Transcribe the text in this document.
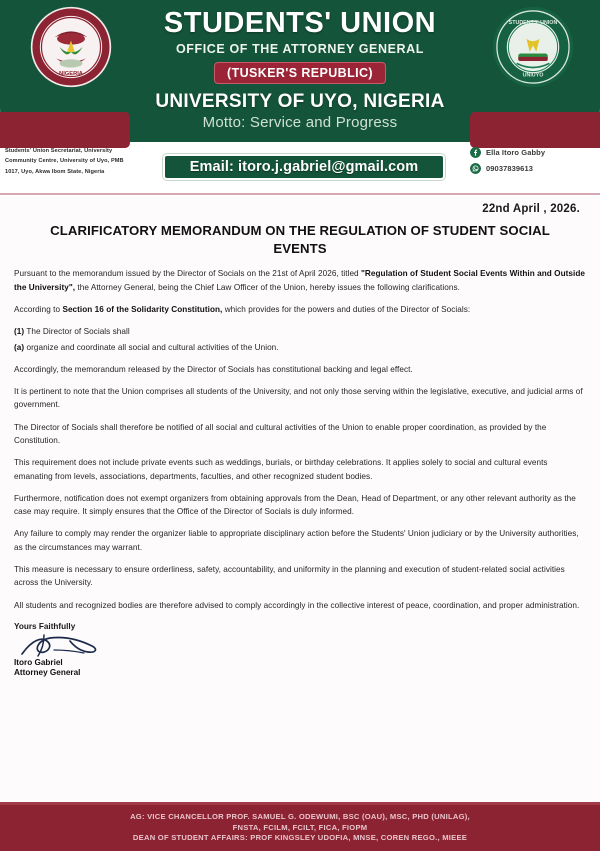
NIGERIA
STUDENTS' UNION
UNIUYO
STUDENTS' UNION
OFFICE OF THE ATTORNEY GENERAL
(TUSKER'S REPUBLIC)
UNIVERSITY OF UYO, NIGERIA
Motto: Service and Progress
Students' Union Secretariat, University Community Centre, University of Uyo, PMB 1017, Uyo, Akwa Ibom State, Nigeria	Email: itoro.j.gabriel@gmail.com
Ella Itoro Gabby
09037839613
22nd April , 2026.
CLARIFICATORY MEMORANDUM ON THE REGULATION OF STUDENT SOCIAL EVENTS

Pursuant to the memorandum issued by the Director of Socials on the 21st of April 2026, titled "Regulation of Student Social Events Within and Outside the University", the Attorney General, being the Chief Law Officer of the Union, hereby issues the following clarifications.

According to Section 16 of the Solidarity Constitution, which provides for the powers and duties of the Director of Socials:

(1) The Director of Socials shall

(a) organize and coordinate all social and cultural activities of the Union.

Accordingly, the memorandum released by the Director of Socials has constitutional backing and legal effect.

It is pertinent to note that the Union comprises all students of the University, and not only those serving within the legislative, executive, and judicial arms of government.

The Director of Socials shall therefore be notified of all social and cultural activities of the Union to enable proper coordination, as provided by the Constitution.

This requirement does not include private events such as weddings, burials, or birthday celebrations. It applies solely to social and cultural events emanating from levels, associations, departments, faculties, and other recognized student bodies.

Furthermore, notification does not exempt organizers from obtaining approvals from the Dean, Head of Department, or any other relevant authority as the case may require. It simply ensures that the Office of the Director of Socials is duly informed.

Any failure to comply may render the organizer liable to appropriate disciplinary action before the Students' Union judiciary or by the University authorities, as the circumstances may warrant.

This measure is necessary to ensure orderliness, safety, accountability, and uniformity in the planning and execution of student-related social activities across the University.

All students and recognized bodies are therefore advised to comply accordingly in the collective interest of peace, coordination, and proper administration.

Yours Faithfully
Itoro Gabriel
Attorney General
AG: VICE CHANCELLOR PROF. SAMUEL G. ODEWUMI, BSC (OAU), MSC, PHD (UNILAG),
FNSTA, FCILM, FCILT, FICA, FIOPM
DEAN OF STUDENT AFFAIRS: PROF KINGSLEY UDOFIA, MNSE, COREN REGO., MIEEE
